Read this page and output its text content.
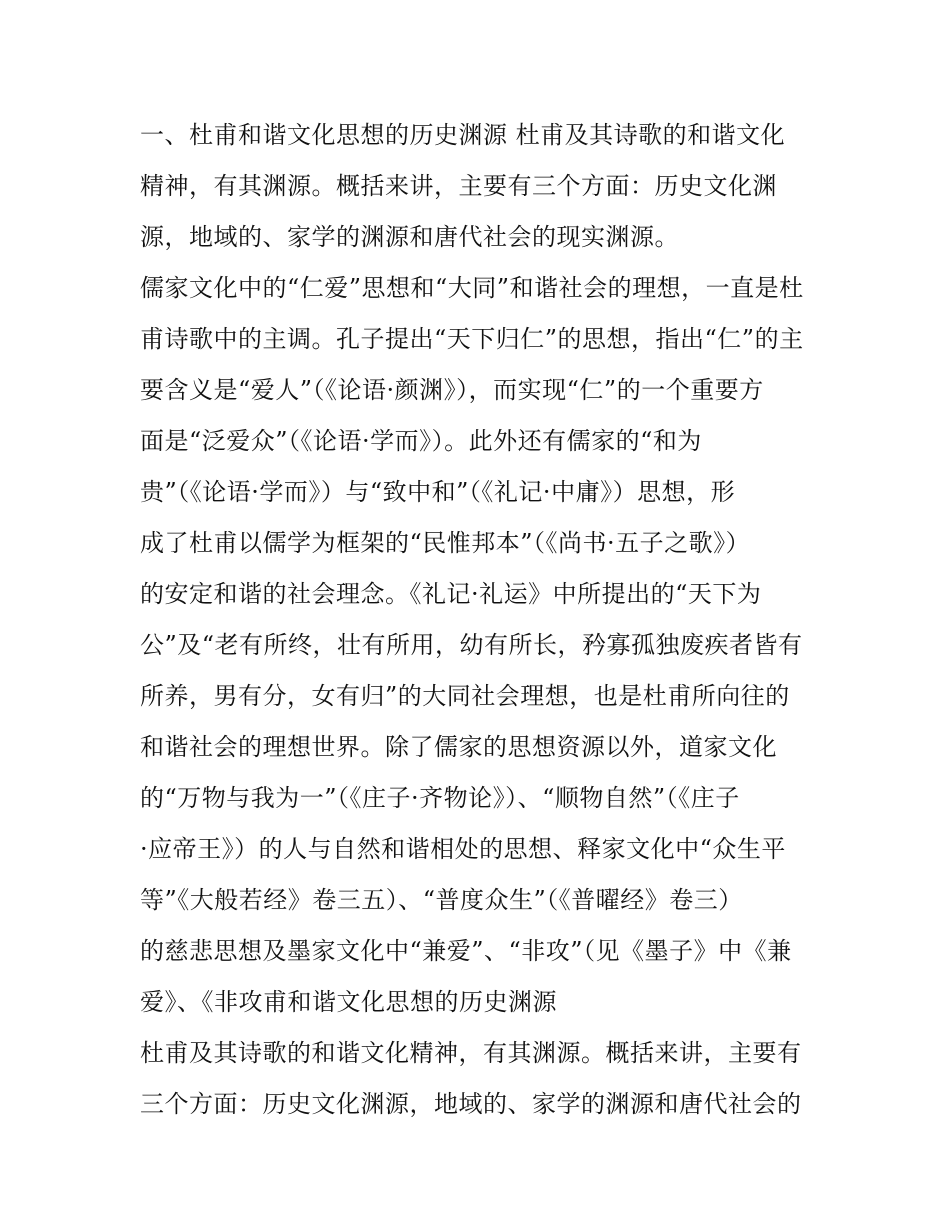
一、杜甫和谐文化思想的历史渊源 杜甫及其诗歌的和谐文化
精神，有其渊源。概括来讲，主要有三个方面：历史文化渊
源，地域的、家学的渊源和唐代社会的现实渊源。
儒家文化中的“仁爱”思想和“大同”和谐社会的理想，一直是杜
甫诗歌中的主调。孔子提出“天下归仁”的思想，指出“仁”的主
要含义是“爱人”（《论语·颜渊》），而实现“仁”的一个重要方
面是“泛爱众”（《论语·学而》）。此外还有儒家的“和为
贵”（《论语·学而》）与“致中和”（《礼记·中庸》）思想，形
成了杜甫以儒学为框架的“民惟邦本”（《尚书·五子之歌》）
的安定和谐的社会理念。《礼记·礼运》中所提出的“天下为
公”及“老有所终，壮有所用，幼有所长，矜寡孤独废疾者皆有
所养，男有分，女有归”的大同社会理想，也是杜甫所向往的
和谐社会的理想世界。除了儒家的思想资源以外，道家文化
的“万物与我为一”（《庄子·齐物论》）、“顺物自然”（《庄子
·应帝王》）的人与自然和谐相处的思想、释家文化中“众生平
等”《大般若经》卷三五）、“普度众生”（《普曜经》卷三）
的慈悲思想及墨家文化中“兼爱”、“非攻”（见《墨子》中《兼
爱》、《非攻甫和谐文化思想的历史渊源
杜甫及其诗歌的和谐文化精神，有其渊源。概括来讲，主要有
三个方面：历史文化渊源，地域的、家学的渊源和唐代社会的
